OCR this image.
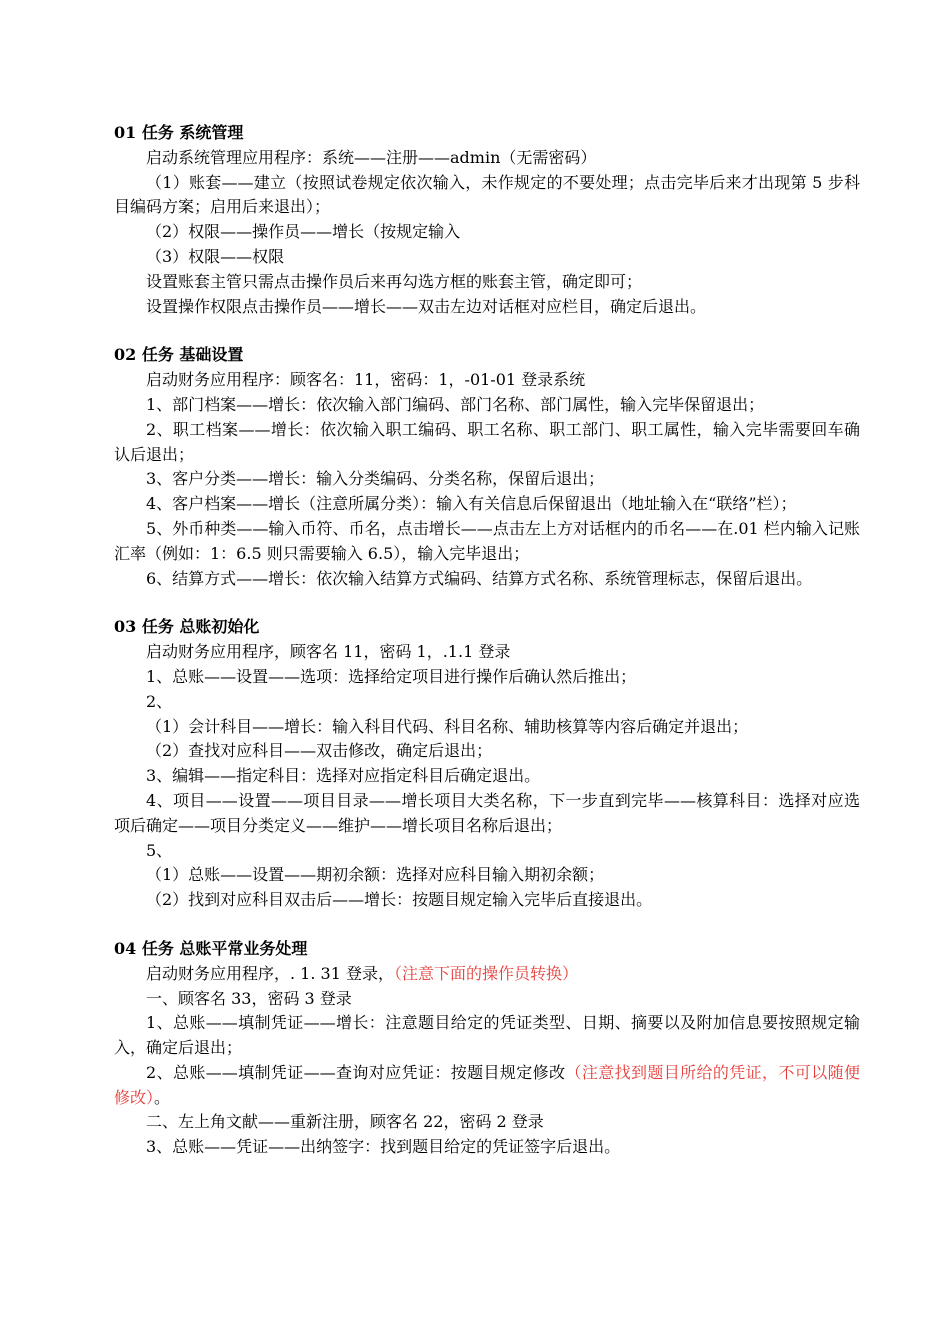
01 任务 系统管理

启动系统管理应用程序：系统——注册——admin（无需密码）

（1）账套——建立（按照试卷规定依次输入，未作规定的不要处理；点击完毕后来才出现第 5 步科目编码方案；启用后来退出）；

（2）权限——操作员——增长（按规定输入

（3）权限——权限

设置账套主管只需点击操作员后来再勾选方框的账套主管，确定即可；

设置操作权限点击操作员——增长——双击左边对话框对应栏目，确定后退出。

02 任务 基础设置

启动财务应用程序：顾客名：11，密码：1，-01-01 登录系统

1、部门档案——增长：依次输入部门编码、部门名称、部门属性，输入完毕保留退出；

2、职工档案——增长：依次输入职工编码、职工名称、职工部门、职工属性，输入完毕需要回车确认后退出；

3、客户分类——增长：输入分类编码、分类名称，保留后退出；

4、客户档案——增长（注意所属分类）：输入有关信息后保留退出（地址输入在“联络”栏）；

5、外币种类——输入币符、币名，点击增长——点击左上方对话框内的币名——在.01 栏内输入记账汇率（例如：1：6.5 则只需要输入 6.5），输入完毕退出；

6、结算方式——增长：依次输入结算方式编码、结算方式名称、系统管理标志，保留后退出。

03 任务 总账初始化

启动财务应用程序，顾客名 11，密码 1，.1.1 登录

1、总账——设置——选项：选择给定项目进行操作后确认然后推出；

2、

（1）会计科目——增长：输入科目代码、科目名称、辅助核算等内容后确定并退出；

（2）查找对应科目——双击修改，确定后退出；

3、编辑——指定科目：选择对应指定科目后确定退出。

4、项目——设置——项目目录——增长项目大类名称，下一步直到完毕——核算科目：选择对应选项后确定——项目分类定义——维护——增长项目名称后退出；

5、

（1）总账——设置——期初余额：选择对应科目输入期初余额；

（2）找到对应科目双击后——增长：按题目规定输入完毕后直接退出。

04 任务 总账平常业务处理

启动财务应用程序，. 1. 31 登录，（注意下面的操作员转换）

一、顾客名 33，密码 3 登录

1、总账——填制凭证——增长：注意题目给定的凭证类型、日期、摘要以及附加信息要按照规定输入，确定后退出；

2、总账——填制凭证——查询对应凭证：按题目规定修改（注意找到题目所给的凭证，不可以随便修改）。

二、左上角文献——重新注册，顾客名 22，密码 2 登录

3、总账——凭证——出纳签字：找到题目给定的凭证签字后退出。
